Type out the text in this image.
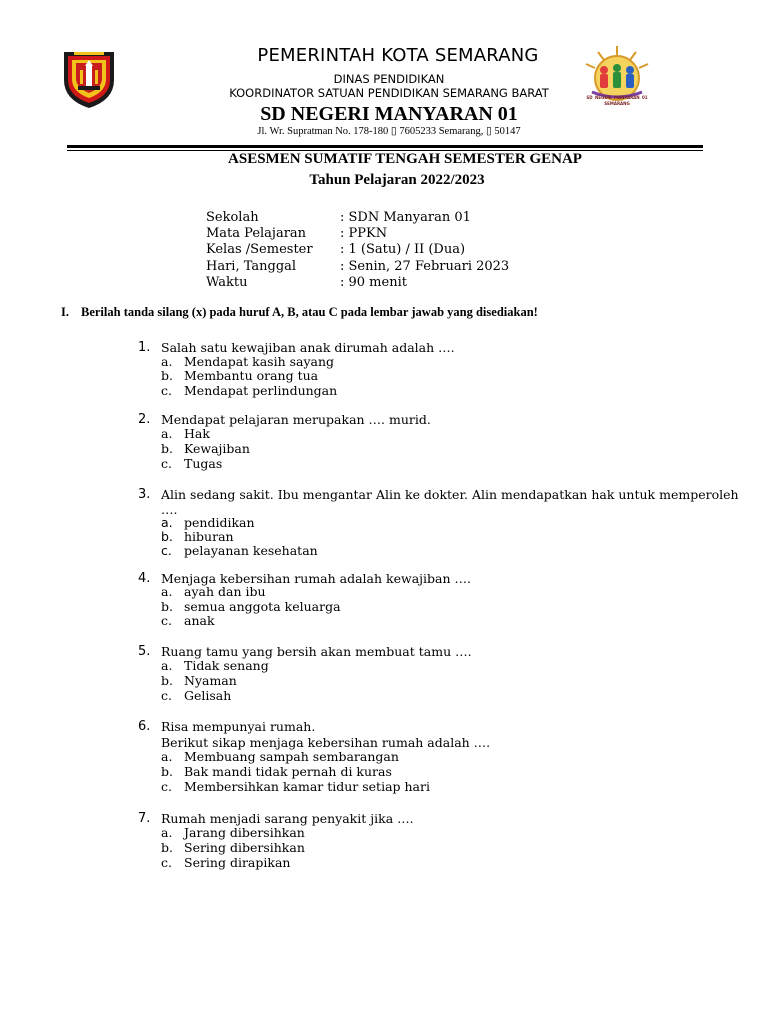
SD NEGERI MANYARAN 01 SEMARANG
PEMERINTAH KOTA SEMARANG
DINAS PENDIDIKAN
KOORDINATOR SATUAN PENDIDIKAN SEMARANG BARAT
SD NEGERI MANYARAN 01
Jl. Wr. Supratman No. 178-180 ▯ 7605233 Semarang, ▯ 50147
ASESMEN SUMATIF TENGAH SEMESTER GENAP
Tahun Pelajaran 2022/2023
Sekolah	: SDN Manyaran 01
Mata Pelajaran	: PPKN
Kelas /Semester : 1 (Satu) / II (Dua)
Hari, Tanggal	: Senin, 27 Februari 2023
Waktu	: 90 menit
I. Berilah tanda silang (x) pada huruf A, B, atau C pada lembar jawab yang disediakan!
1. Salah satu kewajiban anak dirumah adalah ….
a. Mendapat kasih sayang
b. Membantu orang tua
c. Mendapat perlindungan
2. Mendapat pelajaran merupakan …. murid.
a. Hak
b. Kewajiban
c. Tugas
3. Alin sedang sakit. Ibu mengantar Alin ke dokter. Alin mendapatkan hak untuk memperoleh
….
a. pendidikan
b. hiburan
c. pelayanan kesehatan
4. Menjaga kebersihan rumah adalah kewajiban ….
a. ayah dan ibu
b. semua anggota keluarga
c. anak
5. Ruang tamu yang bersih akan membuat tamu ….
a. Tidak senang
b. Nyaman
c. Gelisah
6. Risa mempunyai rumah.
Berikut sikap menjaga kebersihan rumah adalah ….
a. Membuang sampah sembarangan
b. Bak mandi tidak pernah di kuras
c. Membersihkan kamar tidur setiap hari
7. Rumah menjadi sarang penyakit jika ….
a. Jarang dibersihkan
b. Sering dibersihkan
c. Sering dirapikan
